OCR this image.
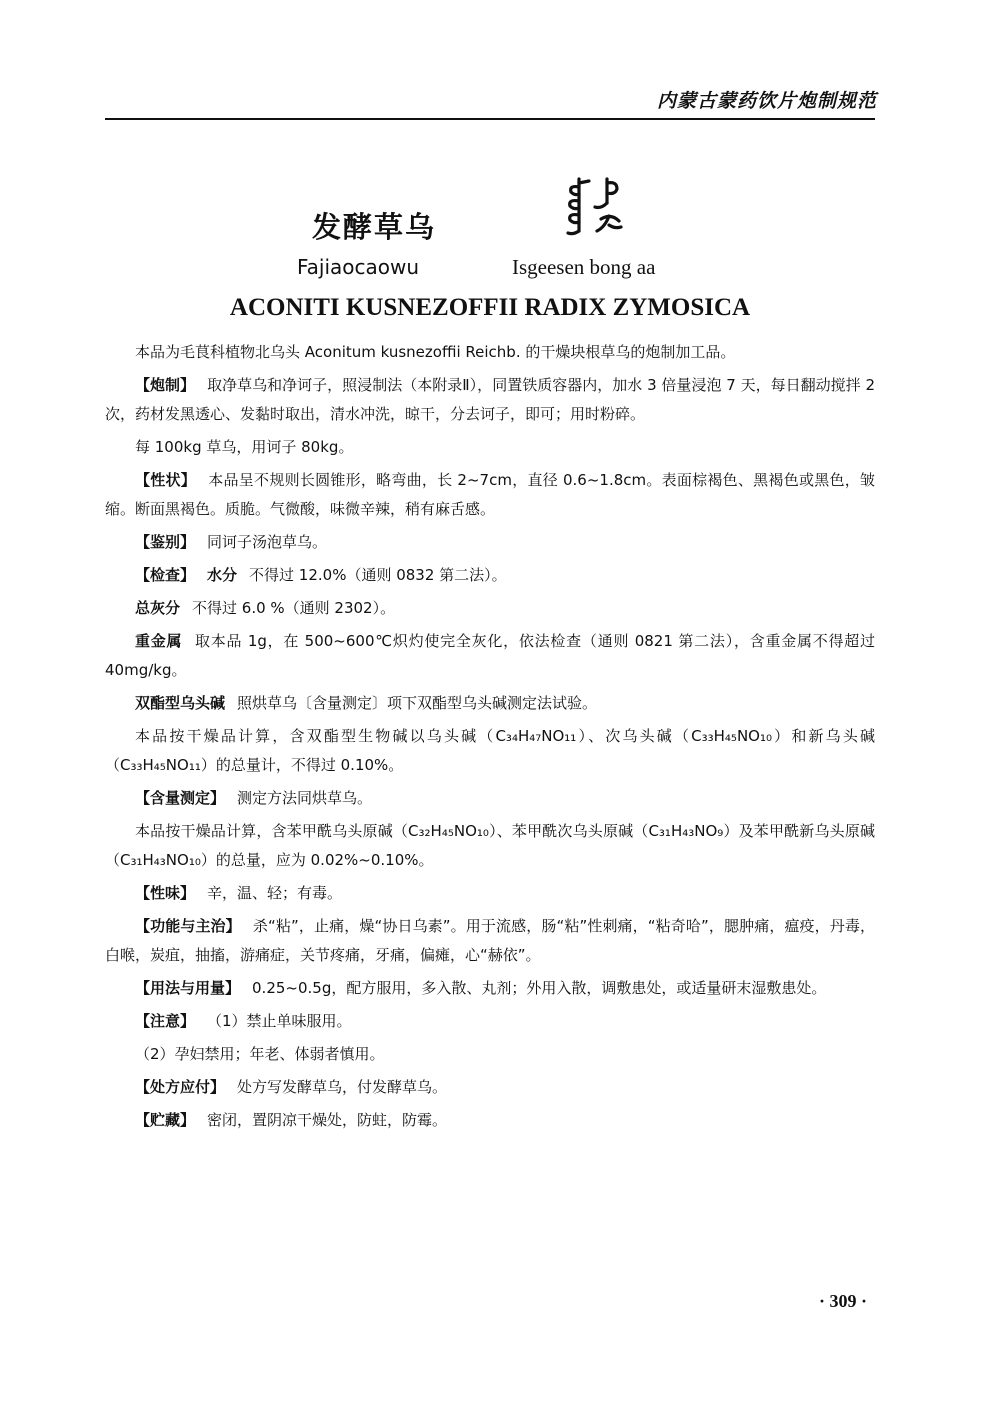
内蒙古蒙药饮片炮制规范
发酵草乌
Fajiaocaowu	Isgeesen bong aa
ACONITI KUSNEZOFFII RADIX ZYMOSICA

本品为毛茛科植物北乌头 Aconitum kusnezoffii Reichb. 的干燥块根草乌的炮制加工品。

【炮制】 取净草乌和净诃子，照浸制法（本附录Ⅱ），同置铁质容器内，加水 3 倍量浸泡 7 天，每日翻动搅拌 2 次，药材发黑透心、发黏时取出，清水冲洗，晾干，分去诃子，即可；用时粉碎。

每 100kg 草乌，用诃子 80kg。

【性状】 本品呈不规则长圆锥形，略弯曲，长 2~7cm，直径 0.6~1.8cm。表面棕褐色、黑褐色或黑色，皱缩。断面黑褐色。质脆。气微酸，味微辛辣，稍有麻舌感。

【鉴别】 同诃子汤泡草乌。

【检查】 水分 不得过 12.0%（通则 0832 第二法）。

总灰分 不得过 6.0 %（通则 2302）。

重金属 取本品 1g，在 500~600℃炽灼使完全灰化，依法检查（通则 0821 第二法），含重金属不得超过 40mg/kg。

双酯型乌头碱 照烘草乌〔含量测定〕项下双酯型乌头碱测定法试验。

本品按干燥品计算，含双酯型生物碱以乌头碱（C₃₄H₄₇NO₁₁）、次乌头碱（C₃₃H₄₅NO₁₀）和新乌头碱（C₃₃H₄₅NO₁₁）的总量计，不得过 0.10%。

【含量测定】 测定方法同烘草乌。

本品按干燥品计算，含苯甲酰乌头原碱（C₃₂H₄₅NO₁₀）、苯甲酰次乌头原碱（C₃₁H₄₃NO₉）及苯甲酰新乌头原碱（C₃₁H₄₃NO₁₀）的总量，应为 0.02%~0.10%。

【性味】 辛，温、轻；有毒。

【功能与主治】 杀“粘”，止痛，燥“协日乌素”。用于流感，肠“粘”性刺痛，“粘奇哈”，腮肿痛，瘟疫，丹毒，白喉，炭疽，抽搐，游痛症，关节疼痛，牙痛，偏瘫，心“赫依”。

【用法与用量】 0.25~0.5g，配方服用，多入散、丸剂；外用入散，调敷患处，或适量研末湿敷患处。

【注意】 （1）禁止单味服用。

（2）孕妇禁用；年老、体弱者慎用。

【处方应付】 处方写发酵草乌，付发酵草乌。

【贮藏】 密闭，置阴凉干燥处，防蛀，防霉。

· 309 ·
